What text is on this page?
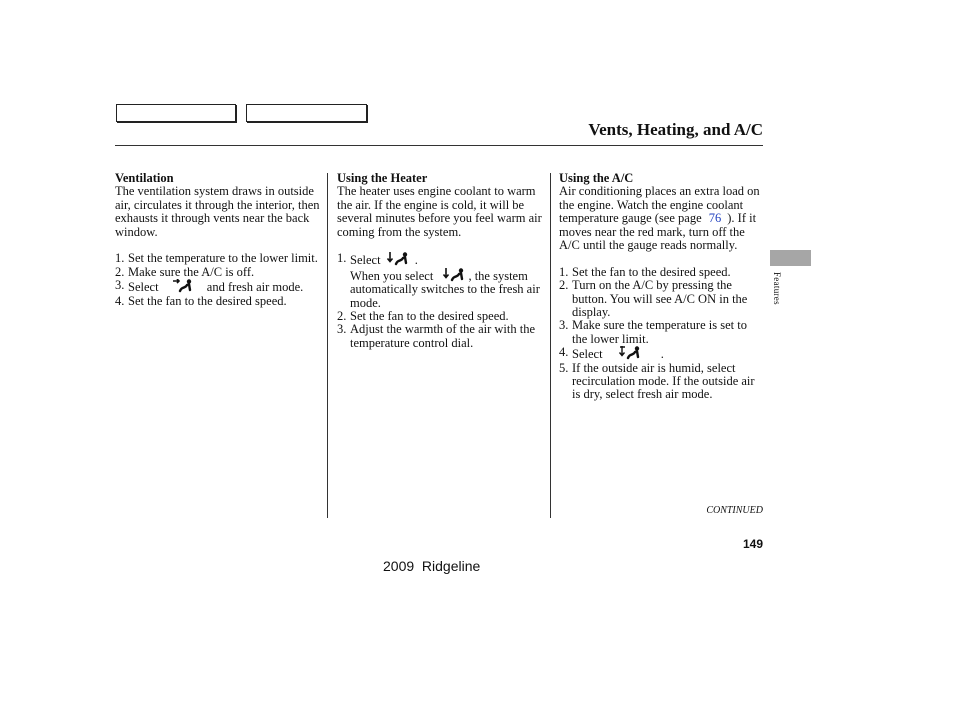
Vents, Heating, and A/C
Ventilation

The ventilation system draws in outside air, circulates it through the interior, then exhausts it through vents near the back window.

1. Set the temperature to the lower limit.
2. Make sure the A/C is off.
3. Select	and fresh air mode.
4. Set the fan to the desired speed.
Using the Heater

The heater uses engine coolant to warm the air. If the engine is cold, it will be several minutes before you feel warm air coming from the system.

1. Select	.
When you select	, the system automatically switches to the fresh air mode.
2. Set the fan to the desired speed.
3. Adjust the warmth of the air with the temperature control dial.
Using the A/C

Air conditioning places an extra load on the engine. Watch the engine coolant temperature gauge (see page 76 ). If it moves near the red mark, turn off the A/C until the gauge reads normally.

1. Set the fan to the desired speed.
2. Turn on the A/C by pressing the button. You will see A/C ON in the display.
3. Make sure the temperature is set to the lower limit.
4. Select	.
5. If the outside air is humid, select recirculation mode. If the outside air is dry, select fresh air mode.
Features
CONTINUED
149
2009  Ridgeline
